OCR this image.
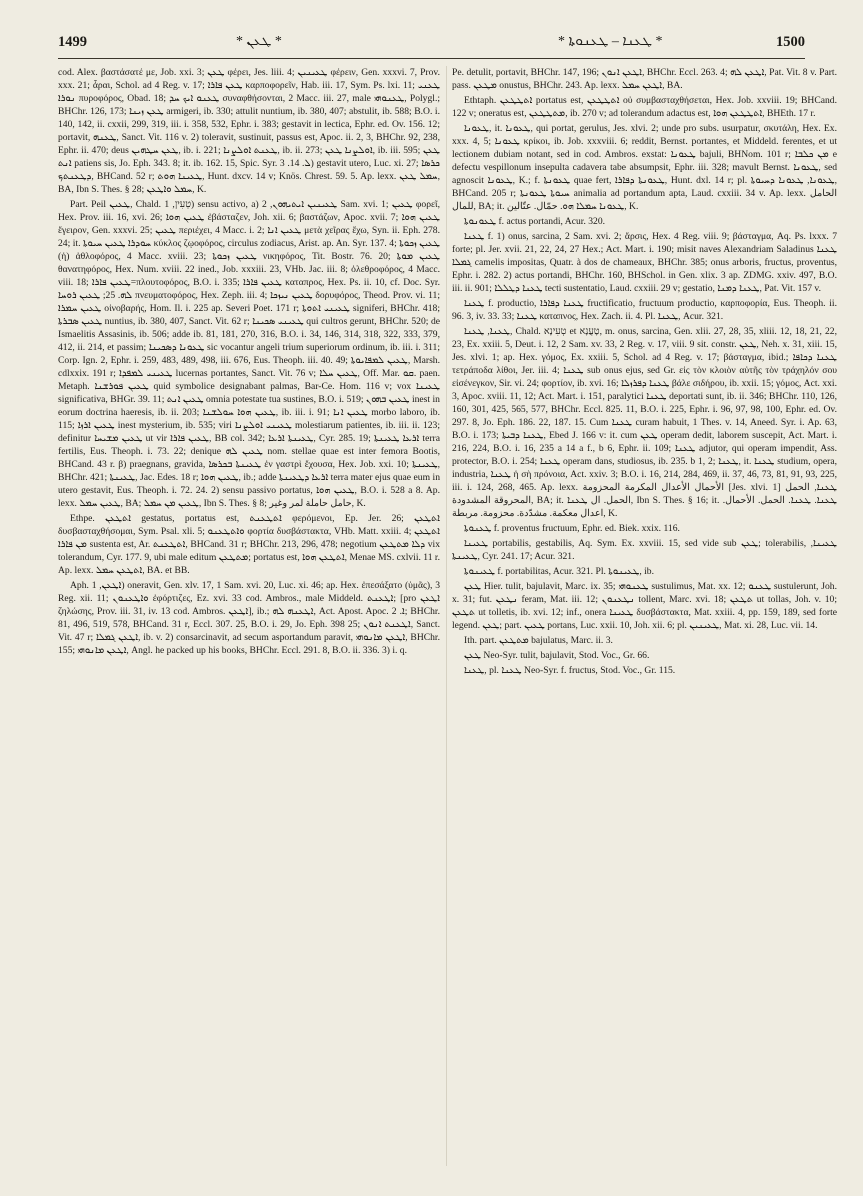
1499	* ܛܥܢ *	* ܛܥܢܐ – ܛܥܢܘܬܐ *	1500

cod. Alex. βαστάσατέ με, Job. xxi. 3; ܛܥܢ φέρει, Jes. liii. 4; ܛܥܝܢܝܢ φέρειν, Gen. xxxvi. 7, Prov. xxx. 21; ἆραι, Schol. ad 4 Reg. v. 17; ܛܥܢ ܦܐܪܐ καρποφορεῖν, Hab. iii. 17, Sym. Ps. lxi. 11; ܛܥܢܝ ܢܘܪܐ πυροφόρος, Obad. 18; ܛܥܢܘ ܐܝܟ ܚܕ συναφθήσονται, 2 Macc. iii. 27, male ܛܥܢܘܗܝ, Polygl.; BHChr. 126, 173; ܛܥܢ ܙܝܢܐ armigeri, ib. 330; attulit nuntium, ib. 380, 407; abstulit, ib. 588; B.O. i. 140, 142, ii. cxxii, 299, 319, iii. i. 358, 532, Ephr. i. 383; gestavit in lectica, Ephr. ed. Ov. 156. 12; portavit, ܛܥܢܗ, Sanct. Vit. 116 v. 2) toleravit, sustinuit, passus est, Apoc. ii. 2, 3, BHChr. 92, 238, Ephr. ii. 470; deus ܛܥܢ ܚܛܗܝܢ, ib. i. 221; ܛܥܢܬ ܐܘܠܨܢܐ, ib. ii. 273; ܐܘܠܨܢܐ ܛܥܢ, ib. iii. 595; ܛܥܢ ܐܢܬ patiens sis, Jo. Eph. 343. 8; it. ib. 162. 15, Spic. Syr. ܠ. 14. 3) gestavit utero, Luc. xi. 27; ܟܪܣܐ ܕܛܥܢܬܟ, BHCand. 52 r; ܛܥܝܢܐ ܗܘܬ, Hunt. dxcv. 14 v; Knös. Chrest. 59. 5. Ap. lexx. ܚܡܠ ܛܥܢ, BA, Ibn S. Thes. § 28; ܚܡܠ ܘܐܛܥܢ, K.

Part. Peil ܛܥܝܢ, Chald. טְעִין, 1) sensu activo, a) ܛܥܝܢܝܢ ܐܝܬܝܗܘܢ, 2 Sam. xvi. 1; ܛܥܝܢ φορεῖ, Hex. Prov. iii. 16, xvi. 26; ܛܥܝܢ ܗܘܐ ἐβάσταζεν, Joh. xii. 6; βαστάζων, Apoc. xvii. 7; ܛܥܝܢ ܗܘܐ ἔγειρον, Gen. xxxvi. 25; ܛܥܝܢ περιέχει, 4 Macc. i. 2; ܛܥܝܢ ܐܢܐ μετὰ χεῖρας ἔχω, Syn. ii. Eph. 278. 24; it. ܚܘܕܪܐ ܛܥܝܢ ܚܝܘܬܐ κύκλος ζῳοφόρος, circulus zodiacus, Arist. ap. An. Syr. 137. 4; ܛܥܝܢ ܙܟܘܬܐ (ἡ) ἀθλοφόρος, 4 Macc. xviii. 23; ܛܥܝܢ ܙܟܘܬܐ νικηφόρος, Tit. Bostr. 76. 20; ܛܥܝܢ ܡܘܬܐ θανατηφόρος, Hex. Num. xviii. 22 ined., Job. xxxiii. 23, VHb. Jac. iii. 8; ὀλεθροφόρος, 4 Macc. viii. 18; ܛܥܝܢ ܦܐܪܐ=πλουτοφόρος, B.O. i. 335; ܛܥܝܢ ܦܐܪܐ καταπρος, Hex. Ps. ii. 10, cf. Doc. Syr. ܠܗ. 25; ܛܥܝܢ ܪܘܚܐ πνευματοφόρος, Hex. Zeph. iii. 4; ܛܥܝܢ ܢܝܙܟܐ δορυφόρος, Theod. Prov. vi. 11; ܛܥܝܢ ܚܡܪܐ οἰνοβαρής, Hom. Il. i. 225 ap. Severi Poet. 171 r; ܛܥܝܢܝ ܐܬܘܬܐ signiferi, BHChr. 418; ܛܥܝܢ ܣܒܪܬܐ nuntius, ib. 380, 407, Sanct. Vit. 62 r; ܛܥܝܢܝ ܣܟܝܢܐ qui cultros gerunt, BHChr. 520; de Ismaelitis Assasinis, ib. 506; adde ib. 81, 181, 270, 316, B.O. i. 34, 146, 314, 318, 322, 333, 379, 412, ii. 214, et passim; ܛܥܘܢܐ ܕܣܟܝܢܐ sic vocantur angeli trium superiorum ordinum, ib. iii. i. 311; Corp. Ign. 2, Ephr. i. 259, 483, 489, 498, iii. 676, Eus. Theoph. iii. 40. 49; ܛܥܝܢ ܠܡܦܐܝܘܬܐ, Marsh. cdlxxix. 191 r; ܛܥܝܢܝ ܠܡܦܕܐ lucernas portantes, Sanct. Vit. 76 v; ܛܥܝܢ ܚܠܐ, Off. Mar. ܩܘ. paen. Metaph. ܛܥܝܢ ܦܘܪܫܢܐ quid symbolice designabant palmas, Bar-Ce. Hom. 116 v; vox ܛܥܝܢܐ significativa, BHGr. 39. 11; ܛܥܝܢ ܐܢܬ omnia potestate tua sustines, B.O. i. 519; ܛܥܝܢ ܒܗܘܢ inest in eorum doctrina haeresis, ib. ii. 203; ܛܥܝܢ ܗܘܐ ܚܘܠܫܢܐ, ib. iii. i. 91; ܛܥܝܢ ܐܢܐ morbo laboro, ib. 115; ܛܥܝܢ ܐܪܙܐ inest mysterium, ib. 535; viri ܛܥܝܢܝ ܐܘܠܨܢܐ molestiarum patientes, ib. iii. ii. 123; definitur ܛܥܝܢ ܡܫܝܚܐ ut vir ܛܥܝܢ ܦܐܪܐ, BB col. 342; ܛܥܝܢܬܐ ܐܪܥܐ, Cyr. 285. 19; ܐܪܥܐ ܛܥܝܢܬܐ terra fertilis, Eus. Theoph. i. 73. 22; denique ܛܥܝܢ ܠܗ nom. stellae quae est inter femora Bootis, BHCand. 43 r. β) praegnans, gravida, ܛܥܝܢܬܐ ܒܟܪܣܐ ἐν γαστρὶ ἔχουσα, Hex. Job. xxi. 10; ܛܥܝܢܬܐ, BHChr. 421; ܛܥܝܢܬܐ, Jac. Edes. 18 r; ܛܥܝܢ ܗܘܐ, ib.; adde ܐܪܥܐ ܕܛܥܝܢܬܐ terra mater ejus quae eum in utero gestavit, Eus. Theoph. i. 72. 24. 2) sensu passivo portatus, ܛܥܝܢ ܗܘܐ, B.O. i. 528 a 8. Ap. lexx. ܛܥܝܢ ܚܡܠ, BA; ܛܥܝܢ ܡܢ ܚܡܠ, Ibn S. Thes. § 8; حامل حاملة لمر وغير, K.

Ethpe. ܐܬܛܥܢ gestatus, portatus est, ܐܬܛܥܢܬ φερόμενοι, Ep. Jer. 26; ܐܬܛܥܢ δυσβασταχθήσομαι, Sym. Psal. xli. 5; ܘܐܬܛܥܢܘ φορτία δυσβάστακτα, VHb. Matt. xxiii. 4; ܐܬܛܥܢ ܡܢ ܦܐܪܐ sustenta est, Ar. ܐܬܛܥܢܬ, BHCand. 31 r; BHChr. 213, 296, 478; negotium ܕܠܐ ܡܬܛܥܢ vix tolerandum, Cyr. 177. 9, ubi male editum ܡܬܛܥܢ; portatus est, ܐܬܛܥܢ ܗܘܐ, Menae MS. cxlvii. 11 r. Ap. lexx. ܐܬܛܥܢ ܚܡܠ, BA. et BB.

Aph. ܐܛܥܢ, 1) oneravit, Gen. xlv. 17, 1 Sam. xvi. 20, Luc. xi. 46; ap. Hex. ἐπεσάξατο (ὑμᾶς), 3 Reg. xii. 11; ܘܐܛܥܢܘܢ ἐφόρτιζες, Ez. xvi. 33 cod. Ambros., male Middeld. ܐܛܥܢܬ; [pro ܐܛܥܢ ζηλώσης, Prov. iii. 31, iv. 13 cod. Ambros. ܐܛܥܢ], ib.; ܐܛܥܢܗ ܠܗ, Act. Apost. Apoc. ܐ. 2; BHChr. 81, 496, 519, 578, BHCand. 31 r, Eccl. 307. 25, B.O. i. 29, Jo. Eph. 398 25; ܐܛܥܢܬ ܐܢܘܢ, Sanct. Vit. 47 r; ܐܛܥܢ ܓܡܠܐ, ib. v. 2) consarcinavit, ad secum asportandum paravit, ܐܛܥܢ ܡܐܢܘܗܝ, BHChr. 155; ܐܛܥܢ ܡܐܢܘܗܝ, Angl. he packed up his books, BHChr. Eccl. 291. 8, B.O. ii. 336. 3) i. q.

Pe. detulit, portavit, BHChr. 147, 196; ܐܛܥܢ ܐܢܘܢ, BHChr. Eccl. 263. 4; ܐܛܥܢ ܠܗ, Pat. Vit. 8 v. Part. pass. ܡܛܥܢ onustus, BHChr. 243. Ap. lexx. ܐܛܥܢ ܚܡܠ, BA.

Ethtaph. ܐܬܛܛܥܢ portatus est, ܐܬܛܛܥܢ οὐ συμβασταχθήσεται, Hex. Job. xxviii. 19; BHCand. 122 v; oneratus est, ܡܬܛܛܥܢ, ib. 270 v; ad tolerandum adactus est, ܐܬܛܛܥܢ ܗܘܐ, BHEth. 17 r.

ܛܥܘܢܐ, it. ܛܥܘܢܐ, qui portat, gerulus, Jes. xlvi. 2; unde pro subs. usurpatur, σκυτάλη, Hex. Ex. xxx. 4, 5; ܛܥܘܢܐ κρίκοι, ib. Job. xxxviii. 6; reddit, Bernst. portantes, et Middeld. ferentes, et ut lectionem dubiam notant, sed in cod. Ambros. exstat: ܛܥܘܢܐ bajuli, BHNom. 101 r; ܡܢ ܟܠܒܐ e defectu vespillonum insepulta cadavera tabe absumpsit, Ephr. iii. 328; mavult Bernst. ܛܥܘܢܐ, sed agnoscit ܛܥܘܢܐ, K.; f. ܛܥܘܢܬܐ quae fert, ܛܥܘܢܬܐ ܕܦܐܪܐ, Hunt. dxl. 14 r; pl. ܛܥܘܢܐ, ܛܥܘܢܐ ܕܚܝܘܬܐ, BHCand. 205 r; ܚܝܘܬܐ ܛܥܘܢܬܐ animalia ad portandum apta, Laud. cxxiii. 34 v. Ap. lexx. الحامل للمال, BA; it. ܛܥܘܢܐ ܚܡܠܐ ܗܘ. حمّال. عتّالين, K.

ܛܥܘܢܘܬܐ f. actus portandi, Acur. 320.

ܛܥܢܐ f. 1) onus, sarcina, 2 Sam. xvi. 2; ἄρσις, Hex. 4 Reg. viii. 9; βάσταγμα, Aq. Ps. lxxx. 7 forte; pl. Jer. xvii. 21, 22, 24, 27 Hex.; Act. Mart. i. 190; misit naves Alexandriam Saladinus ܛܥܢܐ ܓܡܠܐ camelis impositas, Quatr. à dos de chameaux, BHChr. 385; onus arboris, fructus, proventus, Ephr. i. 282. 2) actus portandi, BHChr. 160, BHSchol. in Gen. xlix. 3 ap. ZDMG. xxiv. 497, B.O. iii. ii. 901; ܛܥܢܐ ܕܛܠܠܐ tecti sustentatio, Laud. cxxiii. 29 v; gestatio, ܛܥܢܐ ܕܡܢܐ, Pat. Vit. 157 v.

ܛܥܢܐ f. productio, ܛܥܢܐ ܕܦܐܪܐ fructificatio, fructuum productio, καρποφορία, Eus. Theoph. ii. 96. 3, iv. 33. 33; ܛܥܢܐ καταπνος, Hex. Zach. ii. 4. Pl. ܛܥܢܐ, Acur. 321.

ܛܥܢܐ, ܛܥܢܐ, Chald. טְעִינָא et טָעֲנָא, m. onus, sarcina, Gen. xlii. 27, 28, 35, xliii. 12, 18, 21, 22, 23, Ex. xxiii. 5, Deut. i. 12, 2 Sam. xv. 33, 2 Reg. v. 17, viii. 9 sit. constr. ܛܥܢ, Neh. x. 31, xiii. 15, Jes. xlvi. 1; ap. Hex. γόμος, Ex. xxiii. 5, Schol. ad 4 Reg. v. 17; βάσταγμα, ibid.; ܛܥܢܐ ܕܟܐܦܐ τετράποδα λίθοι, Jer. iii. 4; ܛܥܢܐ sub onus ejus, sed Gr. εἰς τὸν κλοιὸν αὐτῆς τὸν τράχηλόν σου εἰσένεγκον, Sir. vi. 24; φορτίον, ib. xvi. 16; ܛܥܢܐ ܕܦܪܙܠܐ βάλε σιδήρου, ib. xxii. 15; γόμος, Act. xxi. 3, Apoc. xviii. 11, 12; Act. Mart. i. 151, paralytici ܛܥܢܐ deportati sunt, ib. ii. 346; BHChr. 110, 126, 160, 301, 425, 565, 577, BHChr. Eccl. 825. 11, B.O. i. 225, Ephr. i. 96, 97, 98, 100, Ephr. ed. Ov. 297. 8, Jo. Eph. 186. 22, 187. 15. Cum ܛܥܢܐ curam habuit, 1 Thes. v. 14, Aneed. Syr. i. Ap. 63, B.O. i. 173; ܛܥܢܐ ܕܒܝܬܐ, Ebed J. 166 v: it. cum ܛܥܢ operam dedit, laborem suscepit, Act. Mart. i. 216, 224, B.O. i. 16, 235 a 14 a f., b 6, Ephr. ii. 109; ܛܥܢܐ adjutor, qui operam impendit, Ass. protector, B.O. i. 254; ܛܥܢܐ operam dans, studiosus, ib. 235. b 1, 2; ܛܥܢܐ, it. ܛܥܢܐ studium, opera, industria, ܛܥܢܐ ἡ σὴ πρόνοια, Act. xxiv. 3; B.O. i. 16, 214, 284, 469, ii. 37, 46, 73, 81, 91, 93, 225, iii. i. 124, 268, 465. Ap. lexx. الأحمال الأعدال المكرمة المحزومة [Jes. xlvi. 1] ܛܥܢܐ, الحمل المحروقة المشدودة, BA; it. الحمل. ال ܛܥܢܐ, Ibn S. Thes. § 16; it. ܛܥܢܐ. ܛܥܢܐ. الحمل. الأحمال. اعدال معكمة. مشدّدة. محزومة. مربطة, K.

ܛܥܢܘܬܐ f. proventus fructuum, Ephr. ed. Biek. xxix. 116.

ܛܥܝܢܐ portabilis, gestabilis, Aq. Sym. Ex. xxviii. 15, sed vide sub ܛܥܢ; tolerabilis, ܛܥܝܢܐ, ܛܥܝܢܬܐ, Cyr. 241. 17; Acur. 321.

ܛܥܝܢܘܬܐ f. portabilitas, Acur. 321. Pl. ܛܥܝܢܘܬܐ, ib.

ܛܥܢ Hier. tulit, bajulavit, Marc. ix. 35; ܛܥܢܘܗܝ sustulimus, Mat. xx. 12; ܛܥܢܘ sustulerunt, Joh. x. 31; fut. ܢܛܥܢ feram, Mat. iii. 12; ܢܛܥܢܘܢ tollent, Marc. xvi. 18; ܬܛܥܢ ut tollas, Joh. v. 10; ܬܛܥܢ ut tolletis, ib. xvi. 12; inf., onera ܛܥܝܢܐ δυσβάστακτα, Mat. xxiii. 4, pp. 159, 189, sed forte legend. ܛܥܢ; part. ܛܥܝܢ portans, Luc. xxii. 10, Joh. xii. 6; pl. ܛܥܝܢܝܢ, Mat. xi. 28, Luc. vii. 14.

Ith. part. ܡܬܛܥܢ bajulatus, Marc. ii. 3.

ܛܥܢ Neo-Syr. tulit, bajulavit, Stod. Voc., Gr. 66.

ܛܥܢܐ, pl. ܛܥܢܐ Neo-Syr. f. fructus, Stod. Voc., Gr. 115.
